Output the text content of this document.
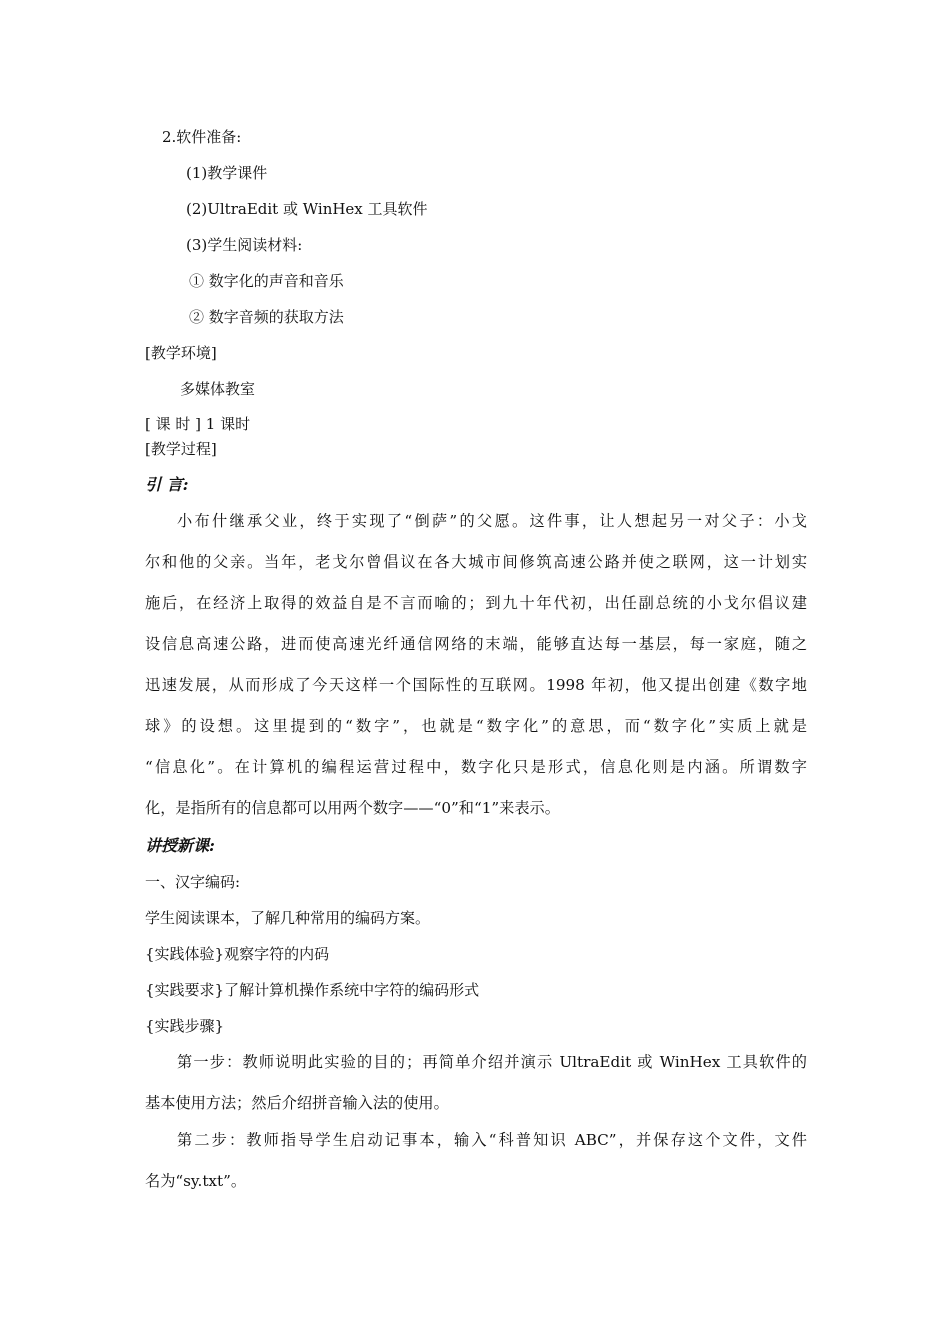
2.软件准备:
(1)教学课件
(2)UltraEdit 或 WinHex 工具软件
(3)学生阅读材料:
① 数字化的声音和音乐
② 数字音频的获取方法
[教学环境]
多媒体教室
[ 课 时 ] 1 课时
[教学过程]
引 言:
小布什继承父业，终于实现了“倒萨”的父愿。这件事，让人想起另一对父子：小戈
尔和他的父亲。当年，老戈尔曾倡议在各大城市间修筑高速公路并使之联网，这一计划实
施后，在经济上取得的效益自是不言而喻的；到九十年代初，出任副总统的小戈尔倡议建
设信息高速公路，进而使高速光纤通信网络的末端，能够直达每一基层，每一家庭，随之
迅速发展，从而形成了今天这样一个国际性的互联网。1998 年初，他又提出创建《数字地
球》的设想。这里提到的“数字”，也就是“数字化”的意思，而“数字化”实质上就是
“信息化”。在计算机的编程运营过程中，数字化只是形式，信息化则是内涵。所谓数字
化，是指所有的信息都可以用两个数字——“0”和“1”来表示。
讲授新课:
一、汉字编码:
学生阅读课本，了解几种常用的编码方案。
{实践体验}观察字符的内码
{实践要求}了解计算机操作系统中字符的编码形式
{实践步骤}
第一步：教师说明此实验的目的；再简单介绍并演示 UltraEdit 或 WinHex 工具软件的
基本使用方法；然后介绍拼音输入法的使用。
第二步：教师指导学生启动记事本，输入“科普知识 ABC”，并保存这个文件，文件
名为“sy.txt”。
